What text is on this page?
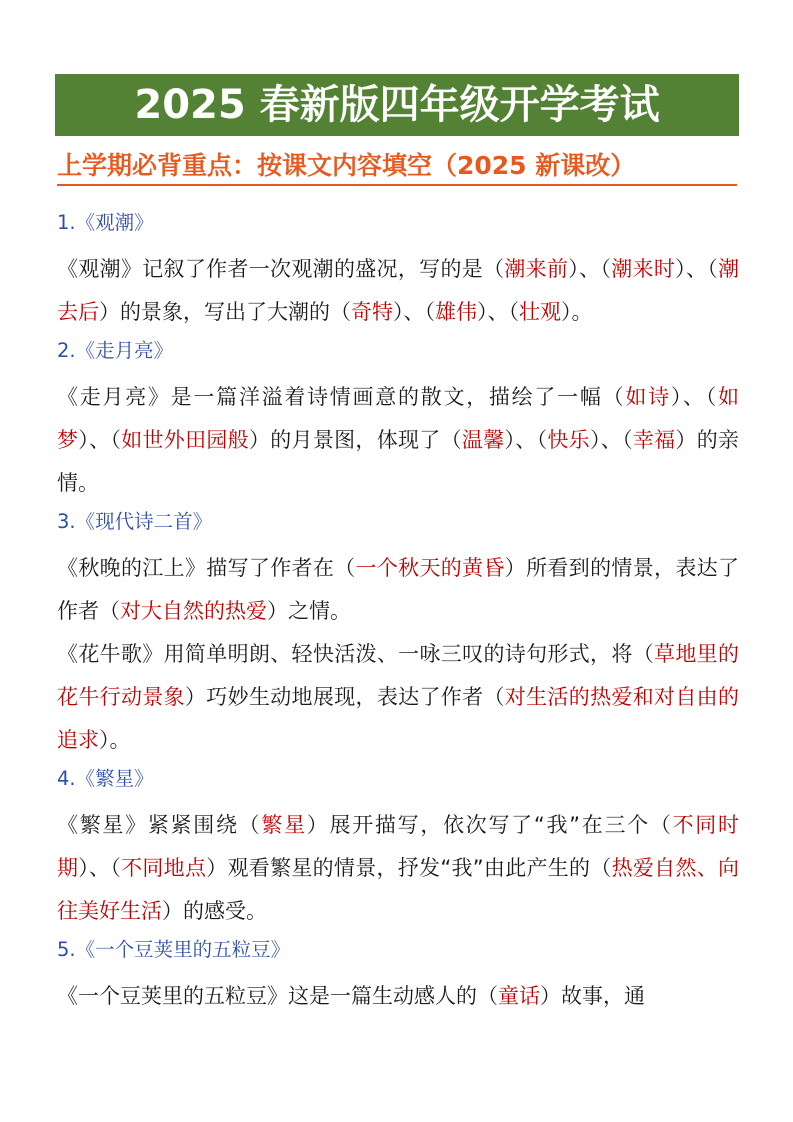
2025 春新版四年级开学考试
上学期必背重点：按课文内容填空（2025 新课改）
1.《观潮》
《观潮》记叙了作者一次观潮的盛况，写的是（潮来前）、（潮来时）、（潮去后）的景象，写出了大潮的（奇特）、（雄伟）、（壮观）。
2.《走月亮》
《走月亮》是一篇洋溢着诗情画意的散文，描绘了一幅（如诗）、（如梦）、（如世外田园般）的月景图，体现了（温馨）、（快乐）、（幸福）的亲情。
3.《现代诗二首》
《秋晚的江上》描写了作者在（一个秋天的黄昏）所看到的情景，表达了作者（对大自然的热爱）之情。
《花牛歌》用简单明朗、轻快活泼、一咏三叹的诗句形式，将（草地里的花牛行动景象）巧妙生动地展现，表达了作者（对生活的热爱和对自由的追求）。
4.《繁星》
《繁星》紧紧围绕（繁星）展开描写，依次写了“我”在三个（不同时期）、（不同地点）观看繁星的情景，抒发“我”由此产生的（热爱自然、向往美好生活）的感受。
5.《一个豆荚里的五粒豆》
《一个豆荚里的五粒豆》这是一篇生动感人的（童话）故事，通
